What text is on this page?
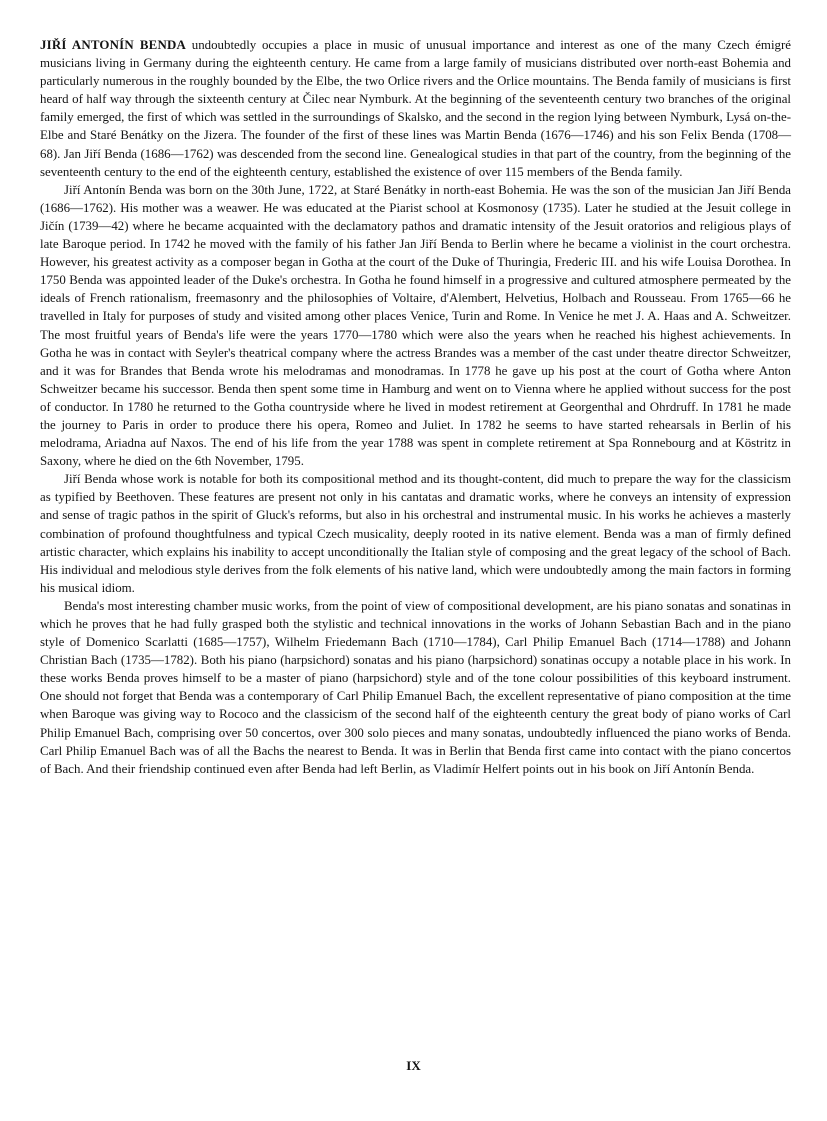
JIŘÍ ANTONÍN BENDA undoubtedly occupies a place in music of unusual importance and interest as one of the many Czech émigré musicians living in Germany during the eighteenth century. He came from a large family of musicians distributed over north-east Bohemia and particularly numerous in the roughly bounded by the Elbe, the two Orlice rivers and the Orlice mountains. The Benda family of musicians is first heard of half way through the sixteenth century at Čilec near Nymburk. At the beginning of the seventeenth century two branches of the original family emerged, the first of which was settled in the surroundings of Skalsko, and the second in the region lying between Nymburk, Lysá on-the-Elbe and Staré Benátky on the Jizera. The founder of the first of these lines was Martin Benda (1676—1746) and his son Felix Benda (1708—68). Jan Jiří Benda (1686—1762) was descended from the second line. Genealogical studies in that part of the country, from the beginning of the seventeenth century to the end of the eighteenth century, established the existence of over 115 members of the Benda family.

Jiří Antonín Benda was born on the 30th June, 1722, at Staré Benátky in north-east Bohemia. He was the son of the musician Jan Jiří Benda (1686—1762). His mother was a weawer. He was educated at the Piarist school at Kosmonosy (1735). Later he studied at the Jesuit college in Jičín (1739—42) where he became acquainted with the declamatory pathos and dramatic intensity of the Jesuit oratorios and religious plays of late Baroque period. In 1742 he moved with the family of his father Jan Jiří Benda to Berlin where he became a violinist in the court orchestra. However, his greatest activity as a composer began in Gotha at the court of the Duke of Thuringia, Frederic III. and his wife Louisa Dorothea. In 1750 Benda was appointed leader of the Duke's orchestra. In Gotha he found himself in a progressive and cultured atmosphere permeated by the ideals of French rationalism, freemasonry and the philosophies of Voltaire, d'Alembert, Helvetius, Holbach and Rousseau. From 1765—66 he travelled in Italy for purposes of study and visited among other places Venice, Turin and Rome. In Venice he met J. A. Haas and A. Schweitzer. The most fruitful years of Benda's life were the years 1770—1780 which were also the years when he reached his highest achievements. In Gotha he was in contact with Seyler's theatrical company where the actress Brandes was a member of the cast under theatre director Schweitzer, and it was for Brandes that Benda wrote his melodramas and monodramas. In 1778 he gave up his post at the court of Gotha where Anton Schweitzer became his successor. Benda then spent some time in Hamburg and went on to Vienna where he applied without success for the post of conductor. In 1780 he returned to the Gotha countryside where he lived in modest retirement at Georgenthal and Ohrdruff. In 1781 he made the journey to Paris in order to produce there his opera, Romeo and Juliet. In 1782 he seems to have started rehearsals in Berlin of his melodrama, Ariadna auf Naxos. The end of his life from the year 1788 was spent in complete retirement at Spa Ronnebourg and at Köstritz in Saxony, where he died on the 6th November, 1795.

Jiří Benda whose work is notable for both its compositional method and its thought-content, did much to prepare the way for the classicism as typified by Beethoven. These features are present not only in his cantatas and dramatic works, where he conveys an intensity of expression and sense of tragic pathos in the spirit of Gluck's reforms, but also in his orchestral and instrumental music. In his works he achieves a masterly combination of profound thoughtfulness and typical Czech musicality, deeply rooted in its native element. Benda was a man of firmly defined artistic character, which explains his inability to accept unconditionally the Italian style of composing and the great legacy of the school of Bach. His individual and melodious style derives from the folk elements of his native land, which were undoubtedly among the main factors in forming his musical idiom.

Benda's most interesting chamber music works, from the point of view of compositional development, are his piano sonatas and sonatinas in which he proves that he had fully grasped both the stylistic and technical innovations in the works of Johann Sebastian Bach and in the piano style of Domenico Scarlatti (1685—1757), Wilhelm Friedemann Bach (1710—1784), Carl Philip Emanuel Bach (1714—1788) and Johann Christian Bach (1735—1782). Both his piano (harpsichord) sonatas and his piano (harpsichord) sonatinas occupy a notable place in his work. In these works Benda proves himself to be a master of piano (harpsichord) style and of the tone colour possibilities of this keyboard instrument. One should not forget that Benda was a contemporary of Carl Philip Emanuel Bach, the excellent representative of piano composition at the time when Baroque was giving way to Rococo and the classicism of the second half of the eighteenth century the great body of piano works of Carl Philip Emanuel Bach, comprising over 50 concertos, over 300 solo pieces and many sonatas, undoubtedly influenced the piano works of Benda. Carl Philip Emanuel Bach was of all the Bachs the nearest to Benda. It was in Berlin that Benda first came into contact with the piano concertos of Bach. And their friendship continued even after Benda had left Berlin, as Vladimír Helfert points out in his book on Jiří Antonín Benda.

IX
